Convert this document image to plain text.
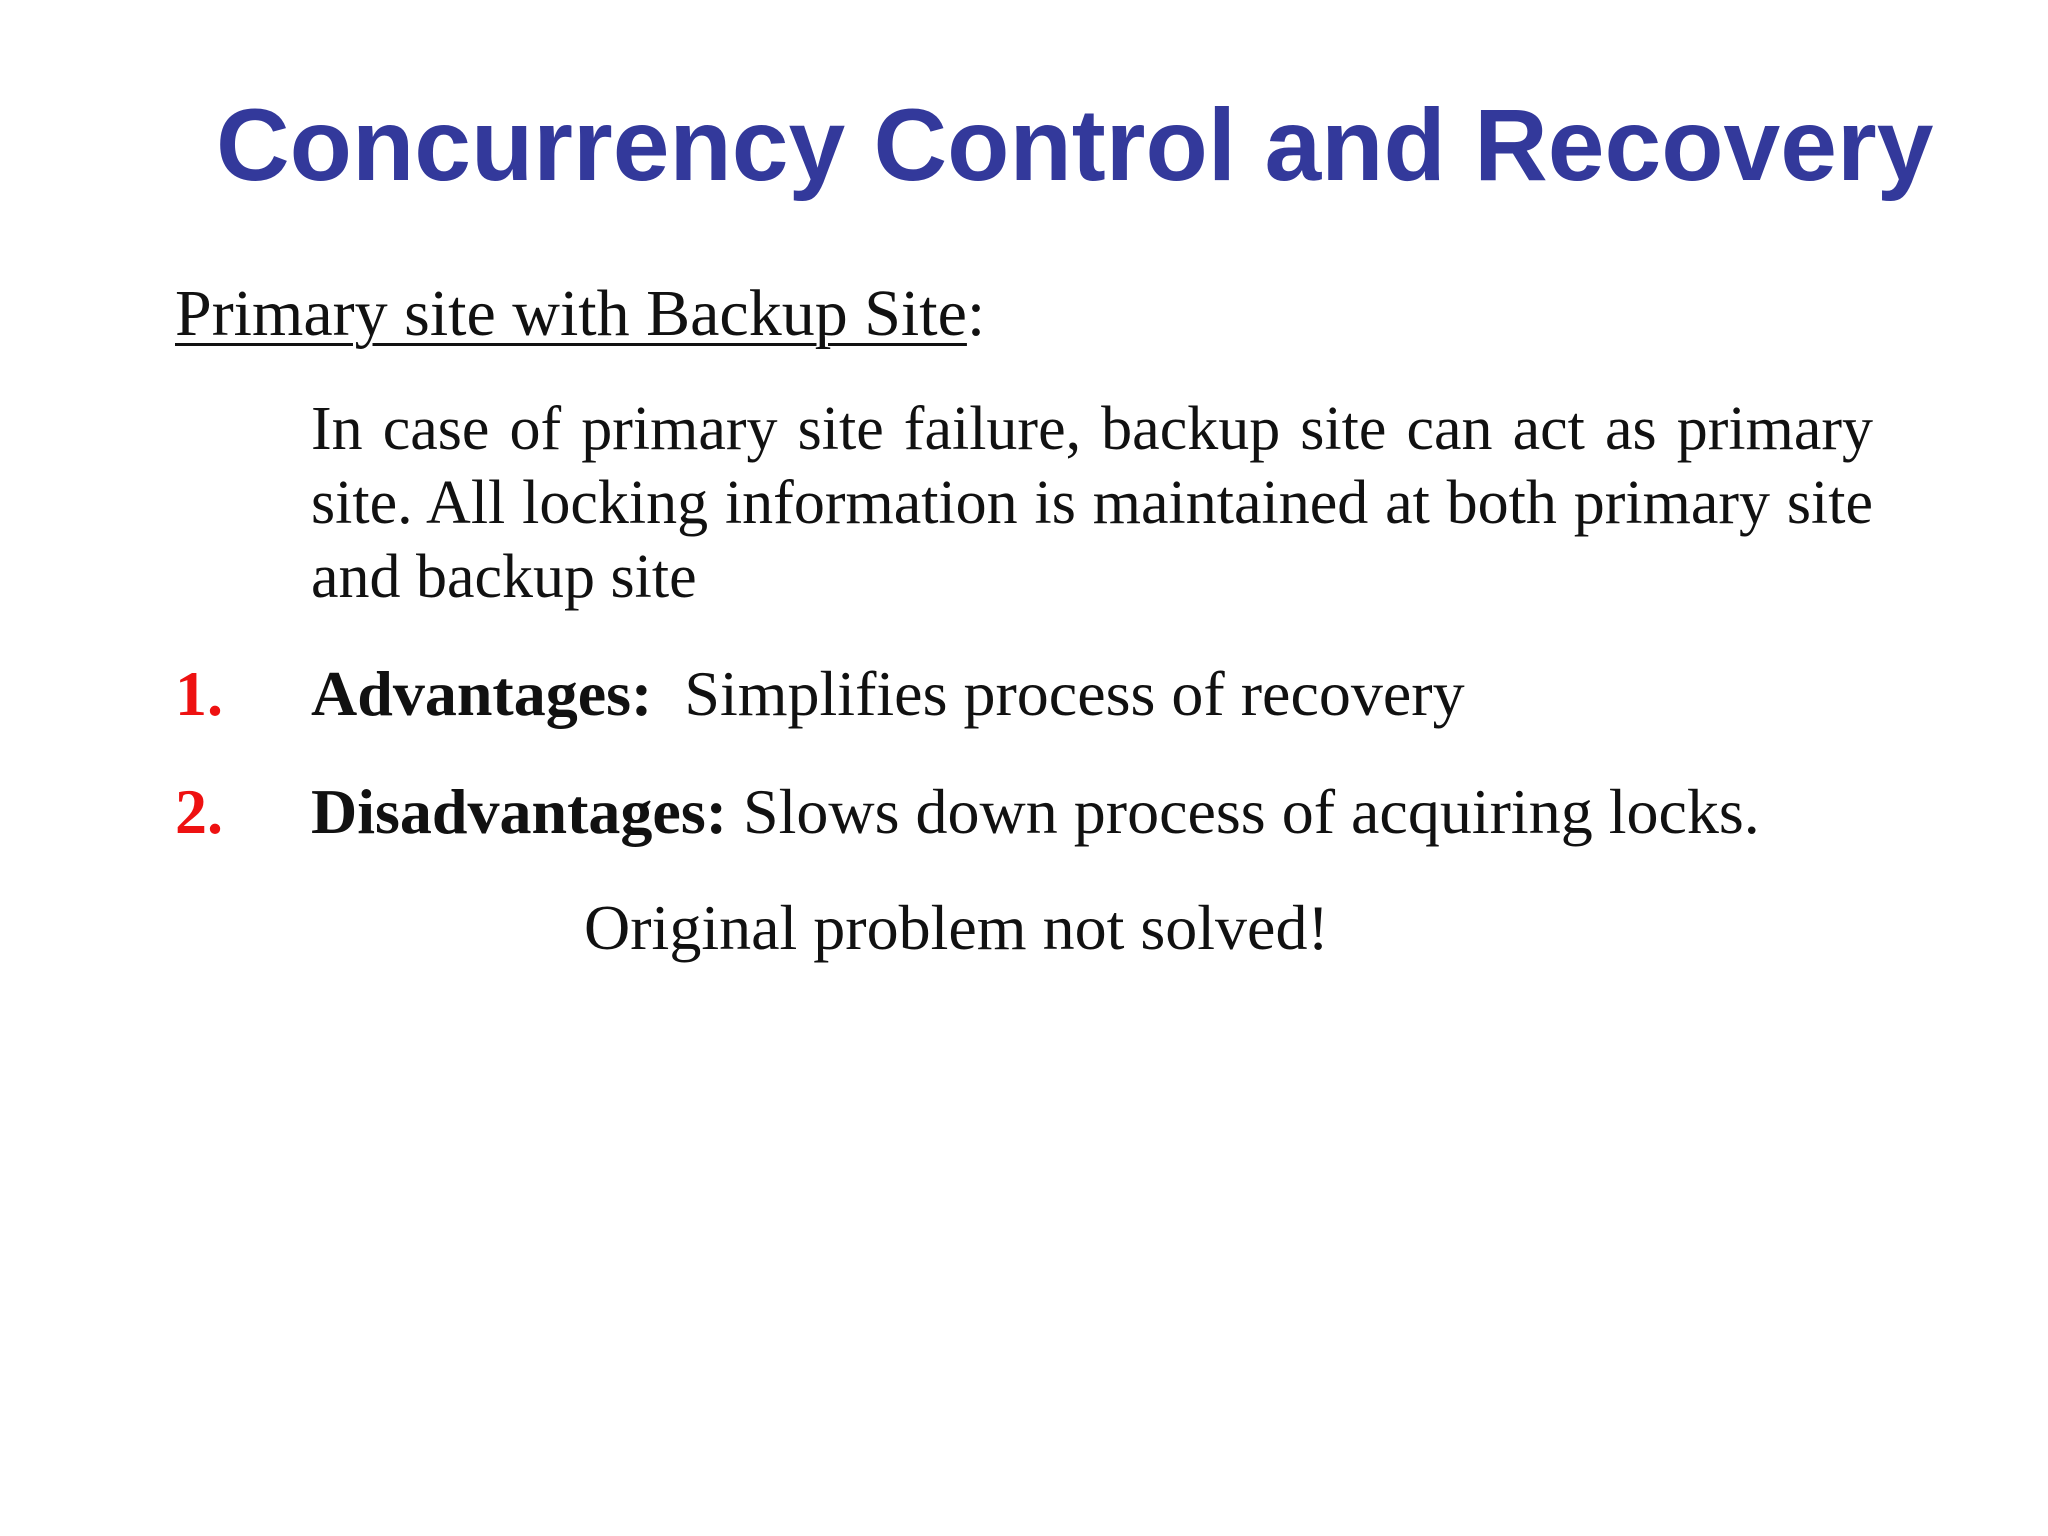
Concurrency Control and Recovery
Primary site with Backup Site:

In case of primary site failure, backup site can act as primary site. All locking information is maintained at both primary site and backup site

1. Advantages: Simplifies process of recovery
2. Disadvantages: Slows down process of acquiring locks.
Original problem not solved!
